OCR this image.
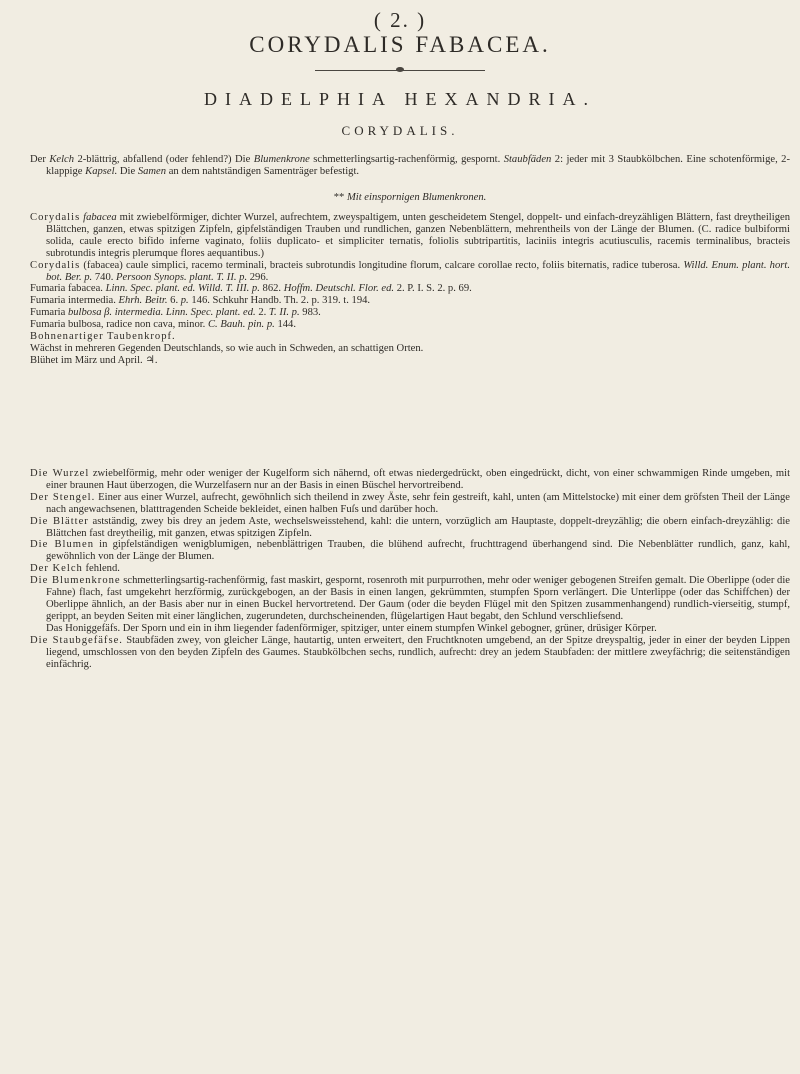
( 2. )
CORYDALIS FABACEA.
DIADELPHIA HEXANDRIA.
CORYDALIS.

Der Kelch 2-blättrig, abfallend (oder fehlend?) Die Blumenkrone schmetterlingsartig-rachenförmig, gespornt. Staubfäden 2: jeder mit 3 Staubkölbchen. Eine schotenförmige, 2-klappige Kapsel. Die Samen an dem nahtständigen Samenträger befestigt.

** Mit einspornigen Blumenkronen.

Corydalis fabacea mit zwiebelförmiger, dichter Wurzel, aufrechtem, zweyspaltigem, unten gescheidetem Stengel, doppelt- und einfach-dreyzähligen Blättern, fast dreytheiligen Blättchen, ganzen, etwas spitzigen Zipfeln, gipfelständigen Trauben und rundlichen, ganzen Nebenblättern, mehrentheils von der Länge der Blumen. (C. radice bulbiformi solida, caule erecto bifido inferne vaginato, foliis duplicato- et simpliciter ternatis, foliolis subtripartitis, laciniis integris acutiusculis, racemis terminalibus, bracteis subrotundis integris plerumque flores aequantibus.)

Corydalis (fabacea) caule simplici, racemo terminali, bracteis subrotundis longitudine florum, calcare corollae recto, foliis biternatis, radice tuberosa. Willd. Enum. plant. hort. bot. Ber. p. 740. Persoon Synops. plant. T. II. p. 296.

Fumaria fabacea. Linn. Spec. plant. ed. Willd. T. III. p. 862. Hoffm. Deutschl. Flor. ed. 2. P. I. S. 2. p. 69.

Fumaria intermedia. Ehrh. Beitr. 6. p. 146. Schkuhr Handb. Th. 2. p. 319. t. 194.

Fumaria bulbosa β. intermedia. Linn. Spec. plant. ed. 2. T. II. p. 983.

Fumaria bulbosa, radice non cava, minor. C. Bauh. pin. p. 144.

Bohnenartiger Taubenkropf.

Wächst in mehreren Gegenden Deutschlands, so wie auch in Schweden, an schattigen Orten.

Blühet im März und April. ♃.

Die Wurzel zwiebelförmig, mehr oder weniger der Kugelform sich nähernd, oft etwas niedergedrückt, oben eingedrückt, dicht, von einer schwammigen Rinde umgeben, mit einer braunen Haut überzogen, die Wurzelfasern nur an der Basis in einen Büschel hervortreibend.

Der Stengel. Einer aus einer Wurzel, aufrecht, gewöhnlich sich theilend in zwey Äste, sehr fein gestreift, kahl, unten (am Mittelstocke) mit einer dem gröfsten Theil der Länge nach angewachsenen, blatttragenden Scheide bekleidet, einen halben Fuſs und darüber hoch.

Die Blätter astständig, zwey bis drey an jedem Aste, wechselsweisstehend, kahl: die untern, vorzüglich am Hauptaste, doppelt-dreyzählig; die obern einfach-dreyzählig: die Blättchen fast dreytheilig, mit ganzen, etwas spitzigen Zipfeln.

Die Blumen in gipfelständigen wenigblumigen, nebenblättrigen Trauben, die blühend aufrecht, fruchttragend überhangend sind. Die Nebenblätter rundlich, ganz, kahl, gewöhnlich von der Länge der Blumen.

Der Kelch fehlend.

Die Blumenkrone schmetterlingsartig-rachenförmig, fast maskirt, gespornt, rosenroth mit purpurrothen, mehr oder weniger gebogenen Streifen gemalt. Die Oberlippe (oder die Fahne) flach, fast umgekehrt herzförmig, zurückgebogen, an der Basis in einen langen, gekrümmten, stumpfen Sporn verlängert. Die Unterlippe (oder das Schiffchen) der Oberlippe ähnlich, an der Basis aber nur in einen Buckel hervortretend. Der Gaum (oder die beyden Flügel mit den Spitzen zusammenhangend) rundlich-vierseitig, stumpf, gerippt, an beyden Seiten mit einer länglichen, zugerundeten, durchscheinenden, flügelartigen Haut begabt, den Schlund verschliefsend.

Das Honiggefäfs. Der Sporn und ein in ihm liegender fadenförmiger, spitziger, unter einem stumpfen Winkel gebogner, grüner, drüsiger Körper.

Die Staubgefäfse. Staubfäden zwey, von gleicher Länge, hautartig, unten erweitert, den Fruchtknoten umgebend, an der Spitze dreyspaltig, jeder in einer der beyden Lippen liegend, umschlossen von den beyden Zipfeln des Gaumes. Staubkölbchen sechs, rundlich, aufrecht: drey an jedem Staubfaden: der mittlere zweyfächrig; die seitenständigen einfächrig.
